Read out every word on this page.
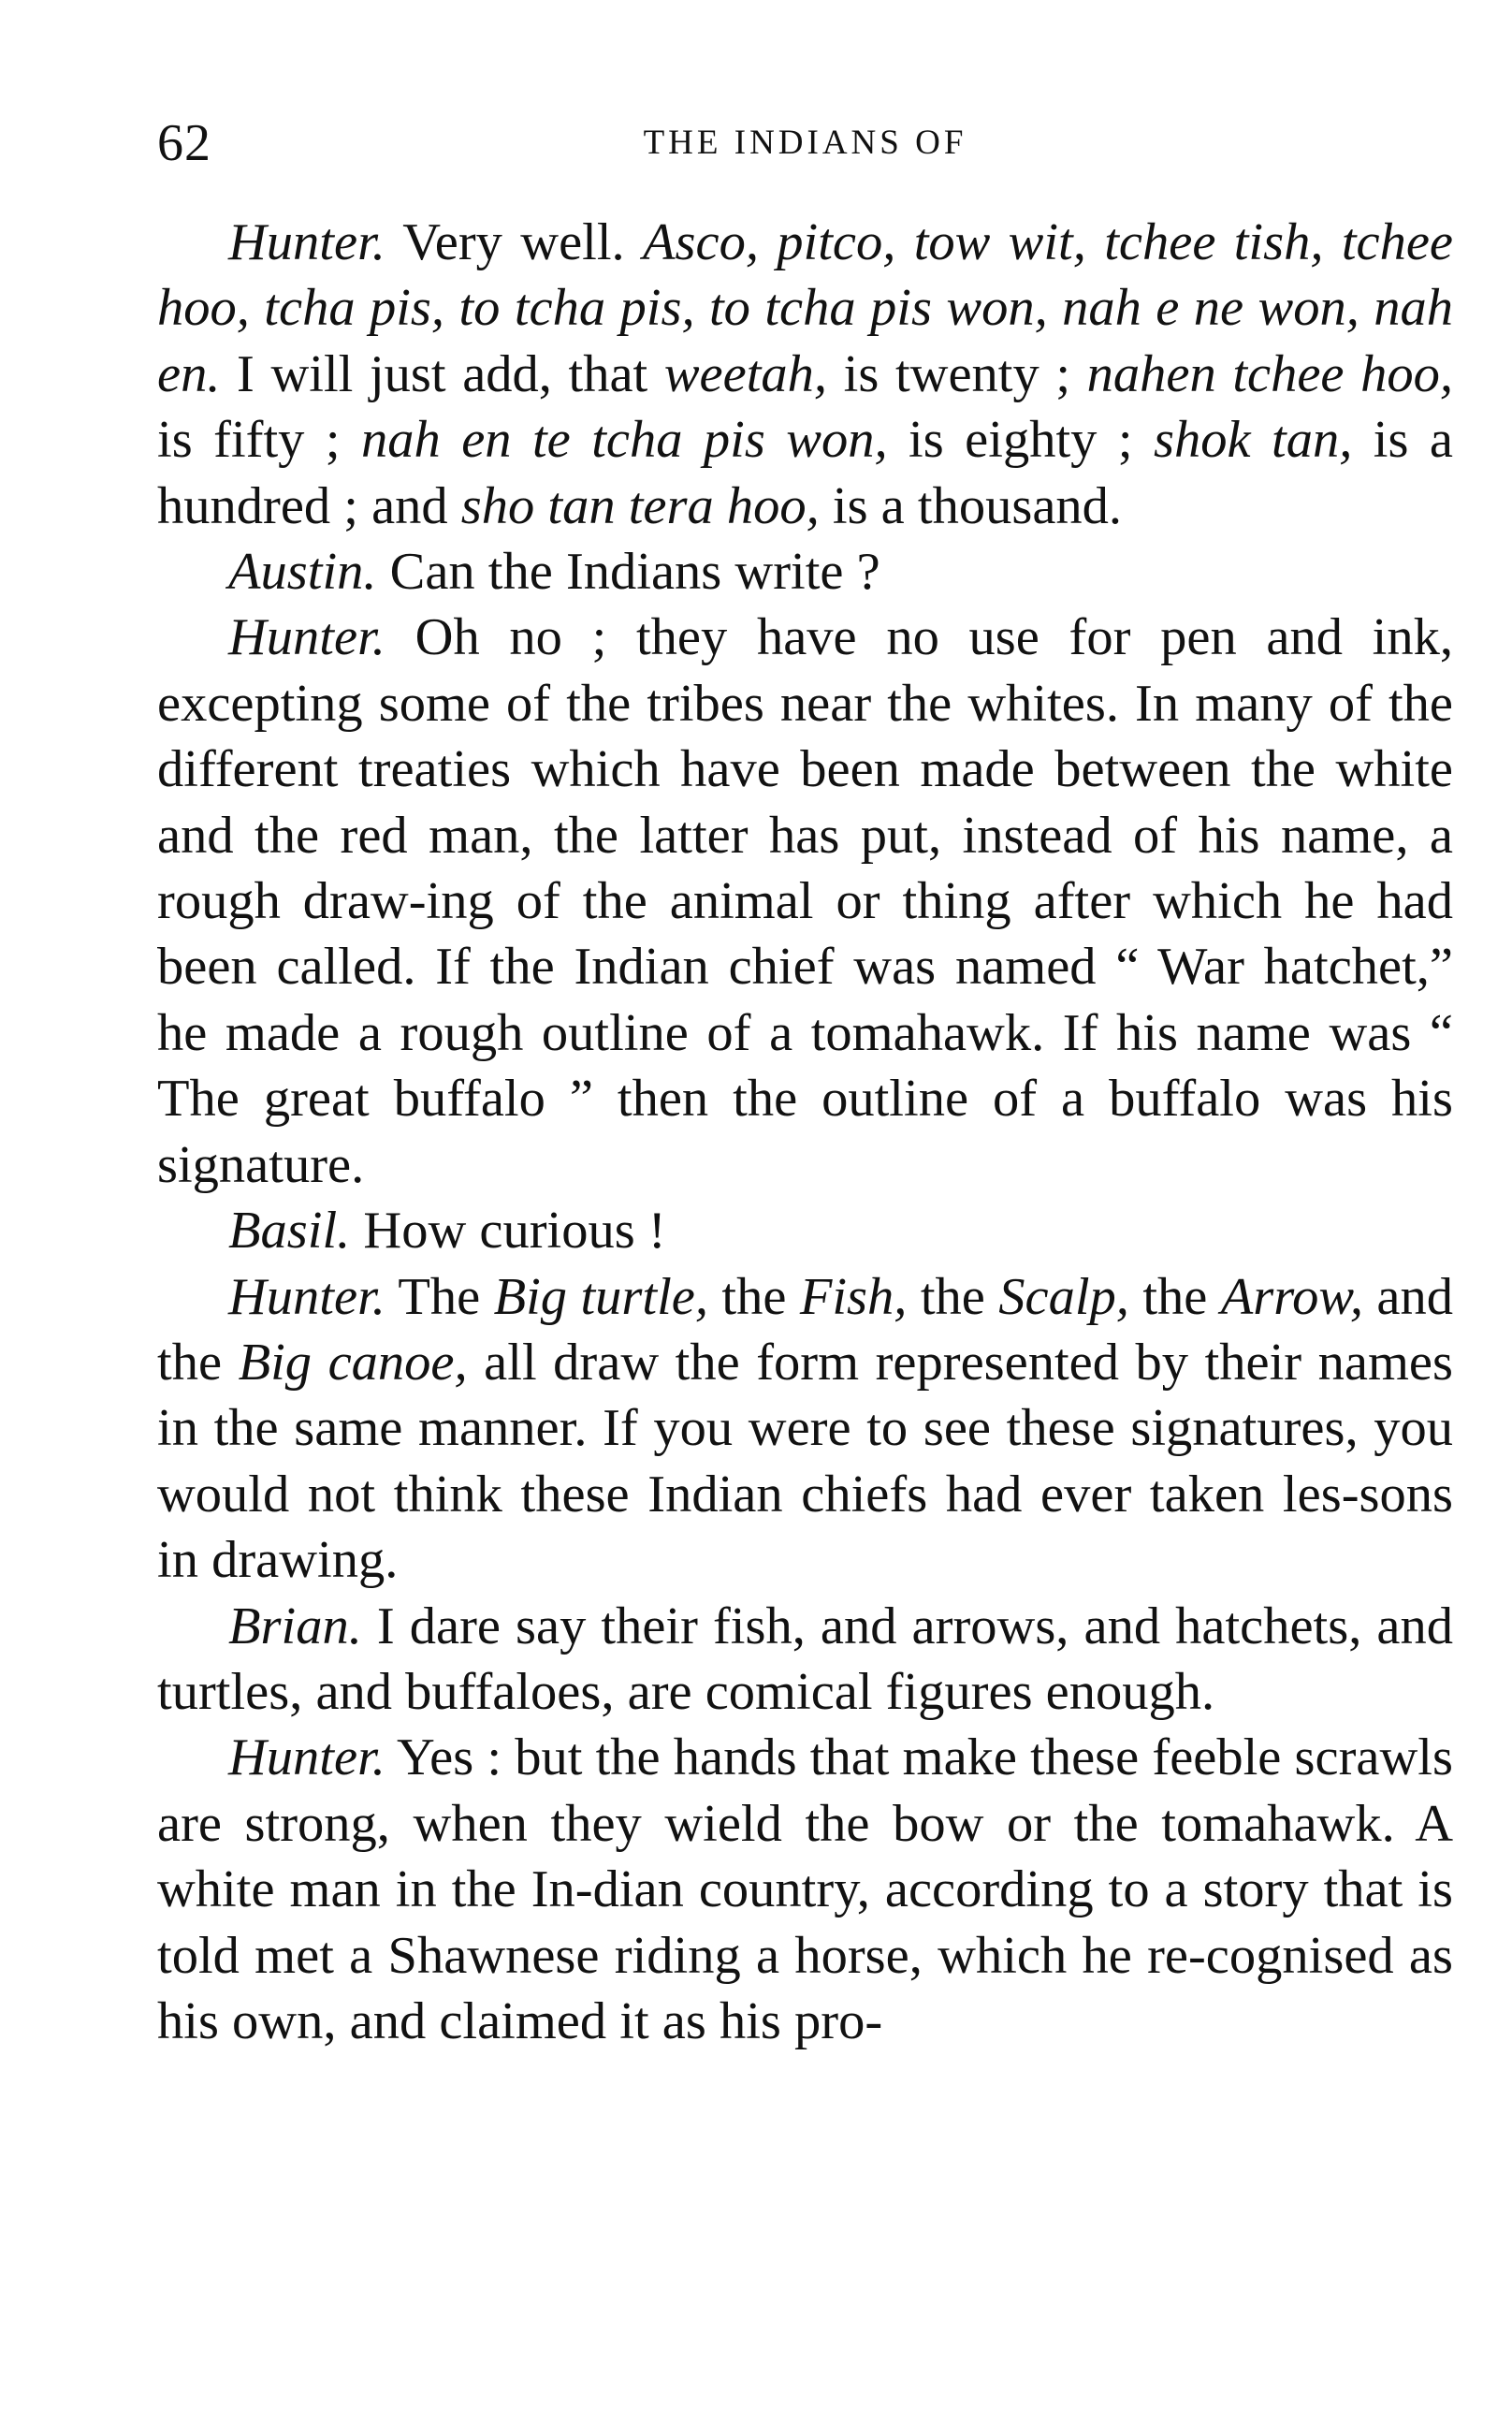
62	THE INDIANS OF

Hunter. Very well. Asco, pitco, tow wit, tchee tish, tchee hoo, tcha pis, to tcha pis, to tcha pis won, nah e ne won, nah en. I will just add, that weetah, is twenty ; nahen tchee hoo, is fifty ; nah en te tcha pis won, is eighty ; shok tan, is a hundred ; and sho tan tera hoo, is a thousand.

Austin. Can the Indians write ?

Hunter. Oh no ; they have no use for pen and ink, excepting some of the tribes near the whites. In many of the different treaties which have been made between the white and the red man, the latter has put, instead of his name, a rough draw-ing of the animal or thing after which he had been called. If the Indian chief was named “ War hatchet,” he made a rough outline of a tomahawk. If his name was “ The great buffalo ” then the outline of a buffalo was his signature.

Basil. How curious !

Hunter. The Big turtle, the Fish, the Scalp, the Arrow, and the Big canoe, all draw the form represented by their names in the same manner. If you were to see these signatures, you would not think these Indian chiefs had ever taken les-sons in drawing.

Brian. I dare say their fish, and arrows, and hatchets, and turtles, and buffaloes, are comical figures enough.

Hunter. Yes : but the hands that make these feeble scrawls are strong, when they wield the bow or the tomahawk. A white man in the In-dian country, according to a story that is told met a Shawnese riding a horse, which he re-cognised as his own, and claimed it as his pro-
